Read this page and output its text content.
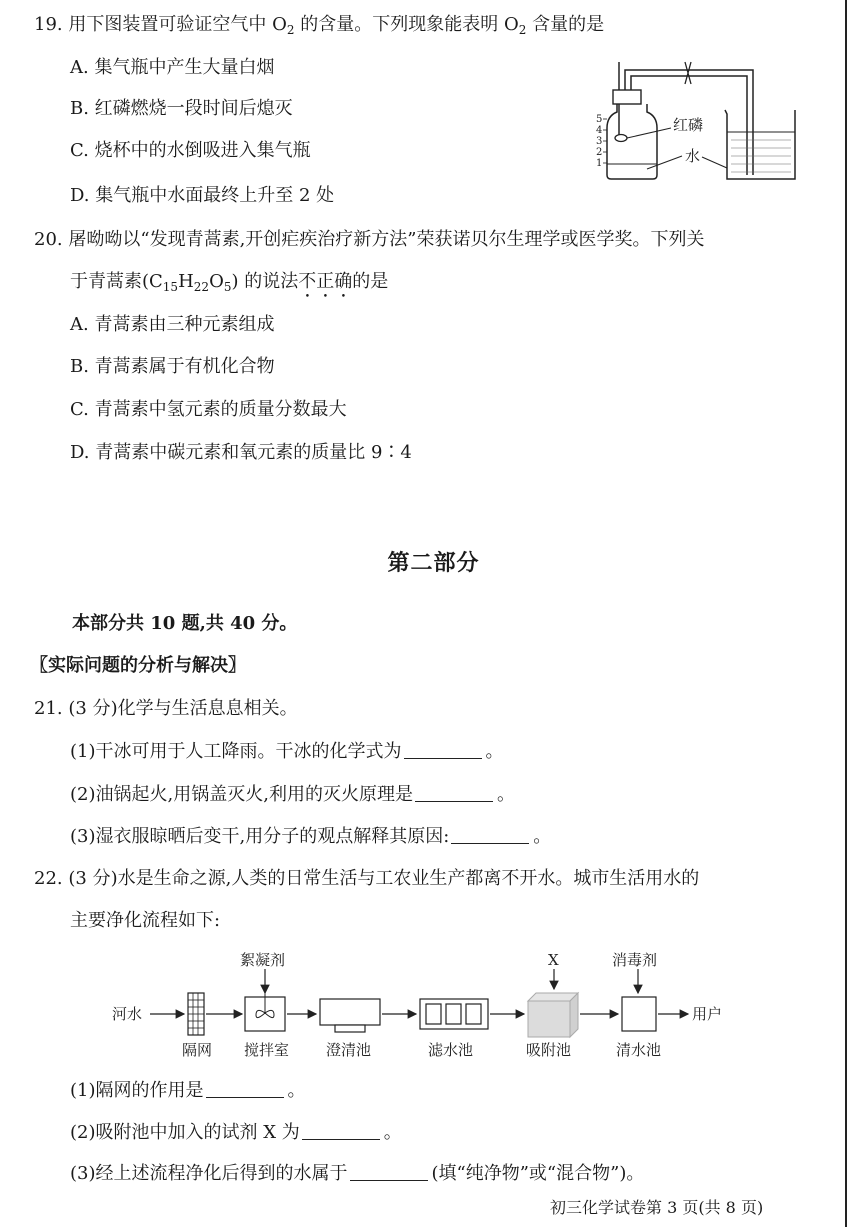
19. 用下图装置可验证空气中 $O_2$ 的含量。下列现象能表明 $O_2$ 含量的是
A. 集气瓶中产生大量白烟
B. 红磷燃烧一段时间后熄灭
C. 烧杯中的水倒吸进入集气瓶
D. 集气瓶中水面最终上升至 2 处
5
4
3
2
1
红磷
水
20. 屠呦呦以“发现青蒿素,开创疟疾治疗新方法”荣获诺贝尔生理学或医学奖。下列关
于青蒿素$(C_{15}H_{22}O_5)$ 的说法不正确的是
A. 青蒿素由三种元素组成
B. 青蒿素属于有机化合物
C. 青蒿素中氢元素的质量分数最大
D. 青蒿素中碳元素和氧元素的质量比 9∶4
第二部分
本部分共 10 题,共 40 分。
〖实际问题的分析与解决〗
21. (3 分)化学与生活息息相关。
(1)干冰可用于人工降雨。干冰的化学式为	。
(2)油锅起火,用锅盖灭火,利用的灭火原理是	。
(3)湿衣服晾晒后变干,用分子的观点解释其原因:	。
22. (3 分)水是生命之源,人类的日常生活与工农业生产都离不开水。城市生活用水的
主要净化流程如下:
河水
絮凝剂	X	消毒剂
用户
隔网 搅拌室 澄清池	滤水池	吸附池	清水池
(1)隔网的作用是	。
(2)吸附池中加入的试剂 X 为	。
(3)经上述流程净化后得到的水属于	(填“纯净物”或“混合物”)。
初三化学试卷第 3 页(共 8 页)
